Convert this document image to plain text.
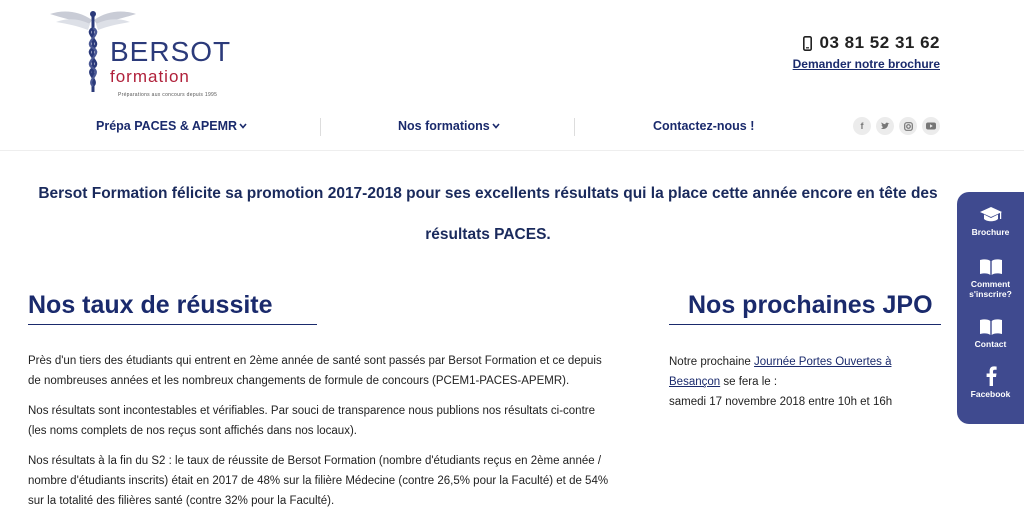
BERSOT
formation
Préparations aux concours depuis 1995
03 81 52 31 62
Demander notre brochure
Prépa PACES & APEMR	Nos formations	Contactez-nous !	f
Bersot Formation félicite sa promotion 2017-2018 pour ses excellents résultats qui la place cette année encore en tête des résultats PACES.
Nos taux de réussite
Près d'un tiers des étudiants qui entrent en 2ème année de santé sont passés par Bersot Formation et ce depuis de nombreuses années et les nombreux changements de formule de concours (PCEM1-PACES-APEMR).
Nos résultats sont incontestables et vérifiables. Par souci de transparence nous publions nos résultats ci-contre (les noms complets de nos reçus sont affichés dans nos locaux).
Nos résultats à la fin du S2 : le taux de réussite de Bersot Formation (nombre d'étudiants reçus en 2ème année / nombre d'étudiants inscrits) était en 2017 de 48% sur la filière Médecine (contre 26,5% pour la Faculté) et de 54% sur la totalité des filières santé (contre 32% pour la Faculté).
Nos prochaines JPO
Notre prochaine Journée Portes Ouvertes à Besançon se fera le :
samedi 17 novembre 2018 entre 10h et 16h
Brochure
Comment s'inscrire?
Contact
Facebook
